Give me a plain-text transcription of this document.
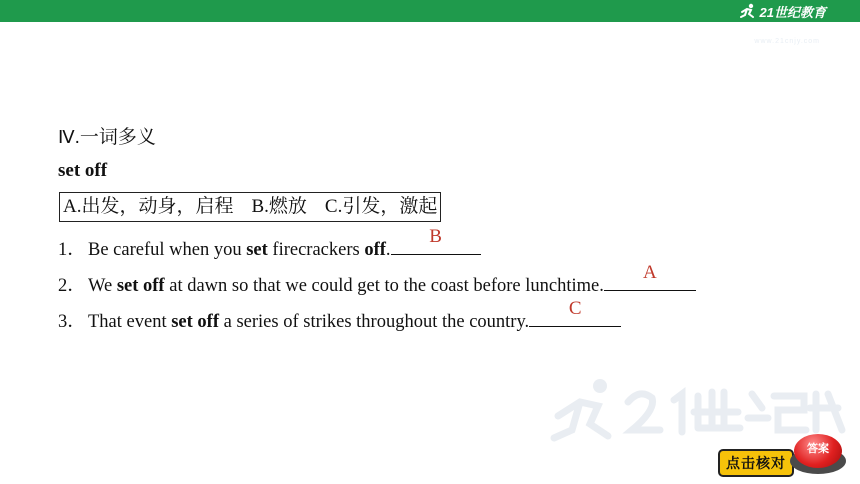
21世纪教育
www.21cnjy.com
Ⅳ.一词多义
set off
A.出发，动身，启程 B.燃放 C.引发，激起
1． Be careful when you set firecrackers off.
B
2． We set off at dawn so that we could get to the coast before lunchtime.
A
3． That event set off a series of strikes throughout the country.
C
点击核对
答案
